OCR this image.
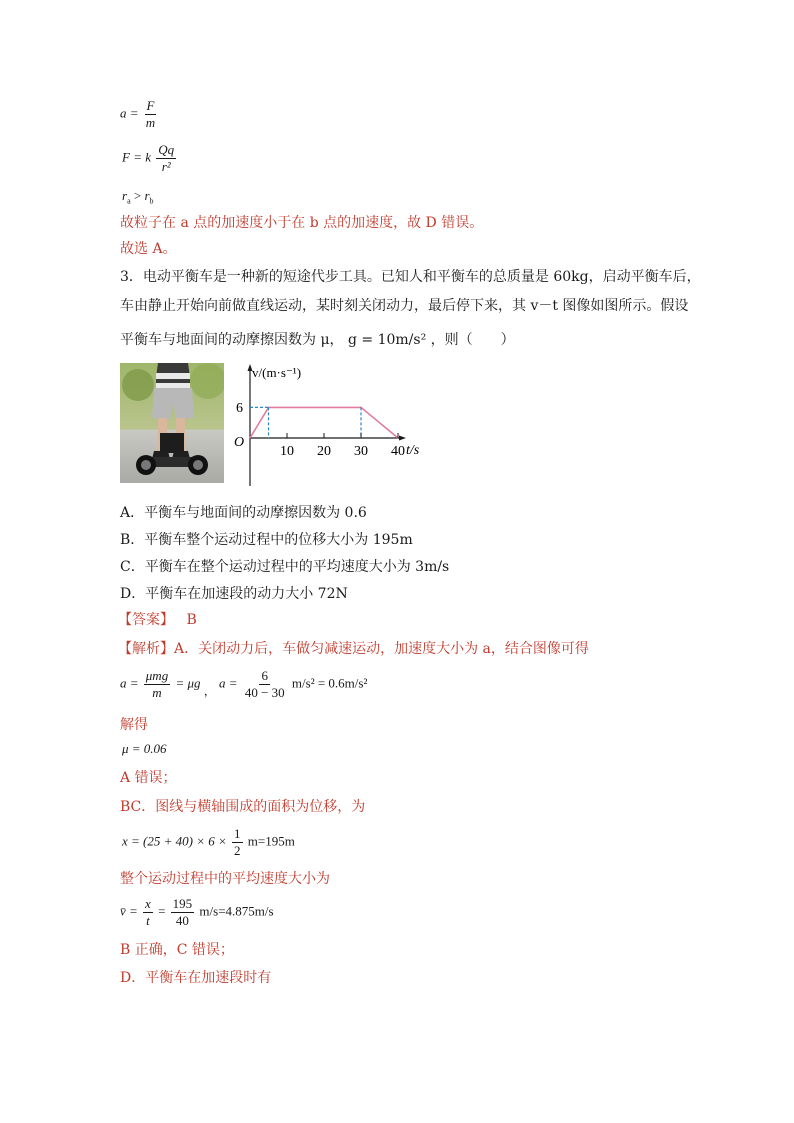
$a = \frac{F}{m}$
F = k $\frac{Qq}{\text{r²}}$
$r_a > r_b$
故粒子在 a 点的加速度小于在 b 点的加速度，故 D 错误。
故选 A。
3．电动平衡车是一种新的短途代步工具。已知人和平衡车的总质量是 60kg，启动平衡车后，
车由静止开始向前做直线运动，某时刻关闭动力，最后停下来，其 v－t 图像如图所示。假设
平衡车与地面间的动摩擦因数为 μ， g = 10m/s² ，则（　　）
10 20 30 40
v/(m·s⁻¹)
t/s
O
6
A．平衡车与地面间的动摩擦因数为 0.6
B．平衡车整个运动过程中的位移大小为 195m
C．平衡车在整个运动过程中的平均速度大小为 3m/s
D．平衡车在加速段的动力大小 72N
【答案】 B
【解析】A．关闭动力后，车做匀减速运动，加速度大小为 a，结合图像可得
$a = \frac{\text{μmg}}{m} = \mu g$ ， $a = \frac{6}{40 - 30} m/s^2 = 0.6m/s^2$
解得
μ = 0.06
A 错误；
BC．图线与横轴围成的面积为位移，为
$x = (25 + 40) \times 6 \times \frac{1}{2} m=195m$
整个运动过程中的平均速度大小为
v̄ = $\frac{x}{t} = \frac{195}{40} m/s=4.875m/s$
B 正确，C 错误；
D．平衡车在加速段时有
